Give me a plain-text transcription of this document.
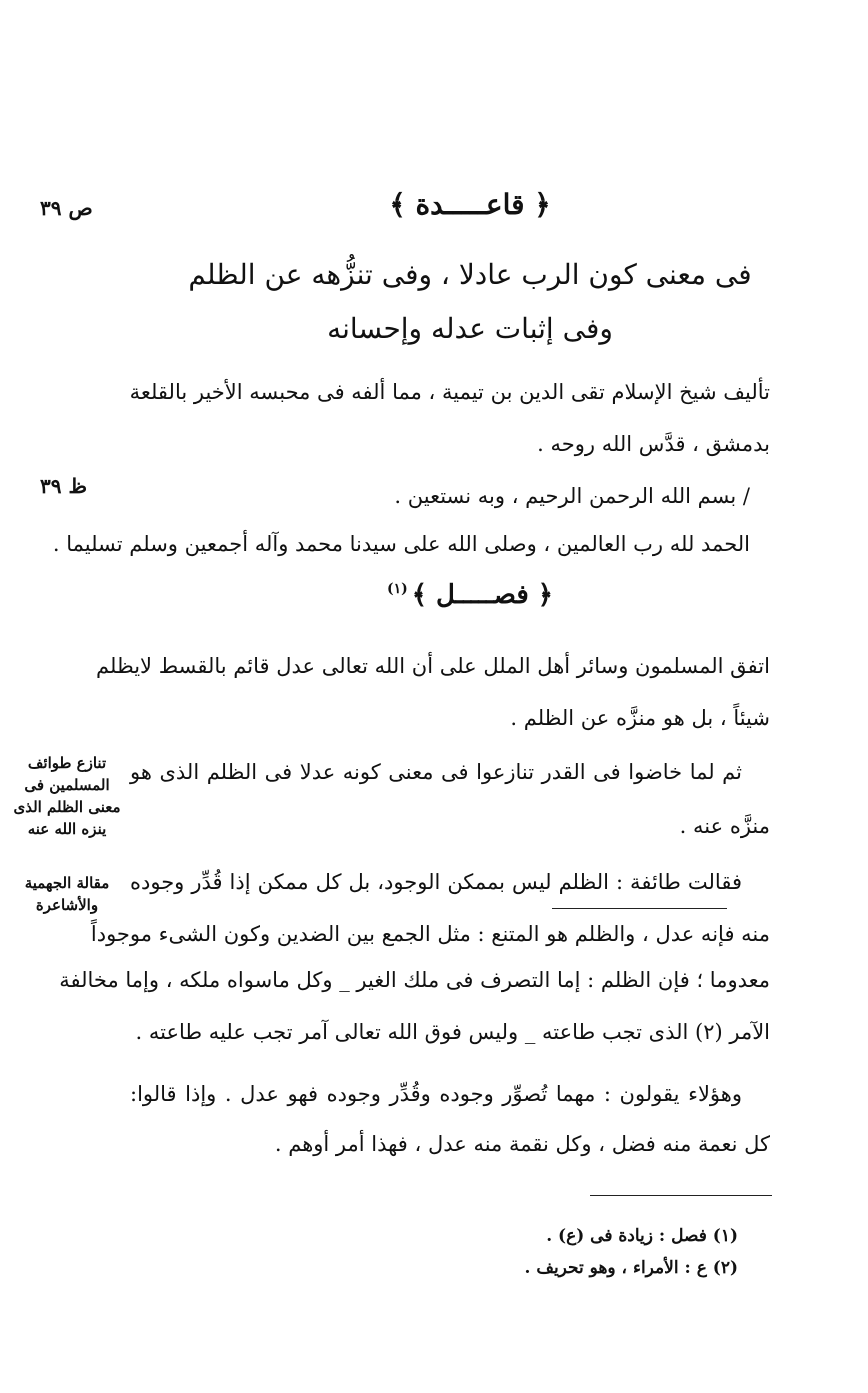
ص ٣٩
ظ ٣٩
تنازع طوائف
المسلمين فى
معنى الظلم الذى
ينزه الله عنه
مقالة الجهمية
والأشاعرة
﴿ قاعـــــدة ﴾
فى معنى كون الرب عادلا ، وفى تنزُّهه عن الظلم
وفى إثبات عدله وإحسانه
تأليف شيخ الإسلام تقى الدين بن تيمية ، مما ألفه فى محبسه الأخير بالقلعة
بدمشق ، قدَّس الله روحه .
/ بسم الله الرحمن الرحيم ، وبه نستعين .
الحمد لله رب العالمين ، وصلى الله على سيدنا محمد وآله أجمعين وسلم تسليما .
﴿ فصـــــل ﴾$^{(١)}$
اتفق المسلمون وسائر أهل الملل على أن الله تعالى عدل قائم بالقسط لايظلم
شيئاً ، بل هو منزَّه عن الظلم .
ثم لما خاضوا فى القدر تنازعوا فى معنى كونه عدلا فى الظلم الذى هو
منزَّه عنه .
فقالت طائفة : الظلم ليس بممكن الوجود، بل كل ممكن إذا قُدِّر وجوده
منه فإنه عدل ، والظلم هو المتنع : مثل الجمع بين الضدين وكون الشىء موجوداً
معدوما ؛ فإن الظلم : إما التصرف فى ملك الغير _ وكل ماسواه ملكه ، وإما مخالفة
الآمر (٢) الذى تجب طاعته _ وليس فوق الله تعالى آمر تجب عليه طاعته .
وهؤلاء يقولون : مهما تُصوِّر وجوده وقُدِّر وجوده فهو عدل . وإذا قالوا:
كل نعمة منه فضل ، وكل نقمة منه عدل ، فهذا أمر أوهم .
(١) فصل : زيادة فى (ع) .
(٢) ع : الأمراء ، وهو تحريف .
